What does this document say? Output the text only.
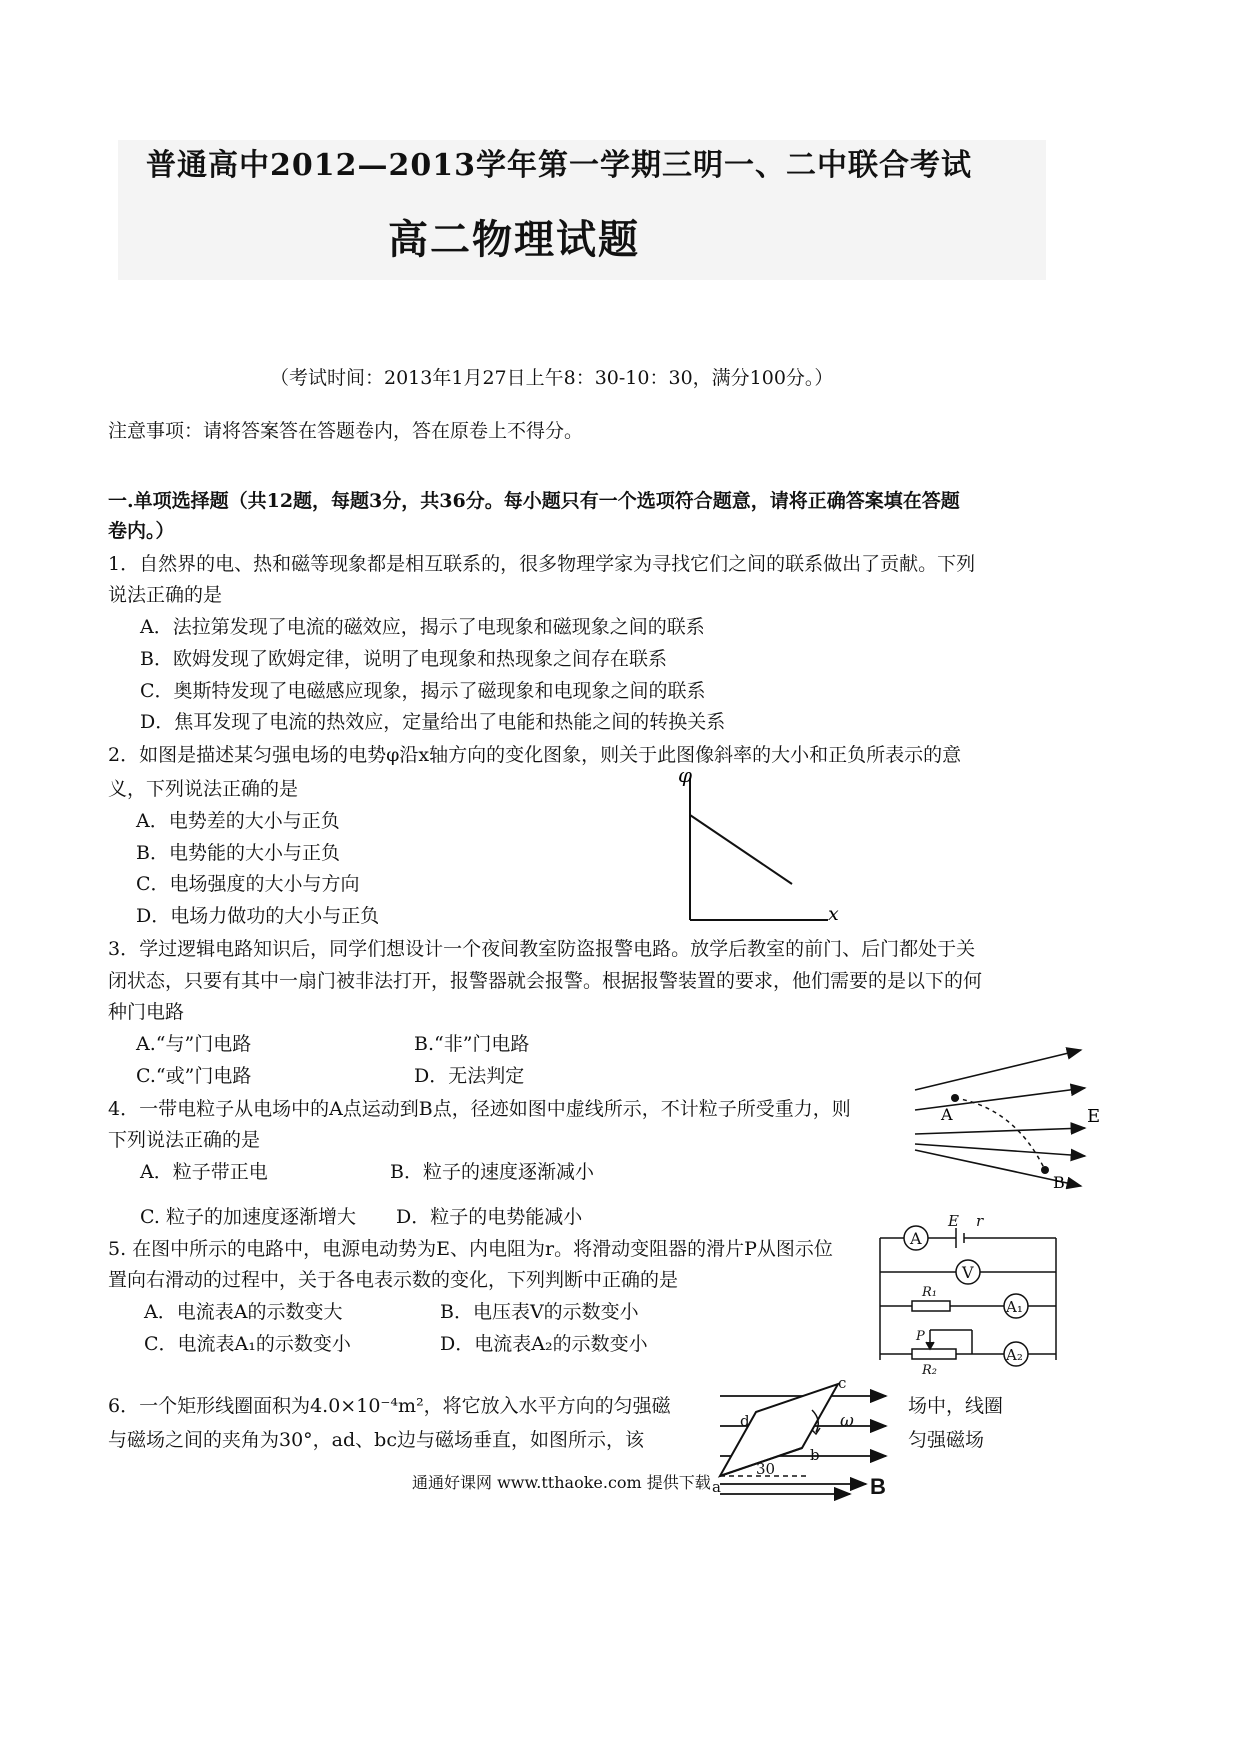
普通高中2012—2013学年第一学期三明一、二中联合考试
高二物理试题
（考试时间：2013年1月27日上午8：30-10：30，满分100分。）
注意事项：请将答案答在答题卷内，答在原卷上不得分。
一.单项选择题（共12题，每题3分，共36分。每小题只有一个选项符合题意，请将正确答案填在答题
卷内。）
1．自然界的电、热和磁等现象都是相互联系的，很多物理学家为寻找它们之间的联系做出了贡献。下列
说法正确的是
A．法拉第发现了电流的磁效应，揭示了电现象和磁现象之间的联系
B．欧姆发现了欧姆定律，说明了电现象和热现象之间存在联系
C．奥斯特发现了电磁感应现象，揭示了磁现象和电现象之间的联系
D．焦耳发现了电流的热效应，定量给出了电能和热能之间的转换关系
2．如图是描述某匀强电场的电势φ沿x轴方向的变化图象，则关于此图像斜率的大小和正负所表示的意
义，下列说法正确的是
A．电势差的大小与正负
B．电势能的大小与正负
C．电场强度的大小与方向
D．电场力做功的大小与正负
φ
x
3．学过逻辑电路知识后，同学们想设计一个夜间教室防盗报警电路。放学后教室的前门、后门都处于关
闭状态，只要有其中一扇门被非法打开，报警器就会报警。根据报警装置的要求，他们需要的是以下的何
种门电路
A.“与”门电路	B.“非”门电路
C.“或”门电路	D．无法判定
4．一带电粒子从电场中的A点运动到B点，径迹如图中虚线所示，不计粒子所受重力，则
下列说法正确的是
A．粒子带正电	B．粒子的速度逐渐减小
C. 粒子的加速度逐渐增大 D．粒子的电势能减小
A
B
E
5. 在图中所示的电路中，电源电动势为E、内电阻为r。将滑动变阻器的滑片P从图示位
置向右滑动的过程中，关于各电表示数的变化，下列判断中正确的是
A．电流表A的示数变大	B．电压表V的示数变小
C．电流表A₁的示数变小	D．电流表A₂的示数变小
A
V
A₁
A₂
E r
R₁
R₂
P
6．一个矩形线圈面积为4.0×10⁻⁴m²，将它放入水平方向的匀强磁	场中，线圈
与磁场之间的夹角为30°，ad、bc边与磁场垂直，如图所示，该	匀强磁场
a
b
c
d	ω
30
B
通通好课网 www.tthaoke.com 提供下载
